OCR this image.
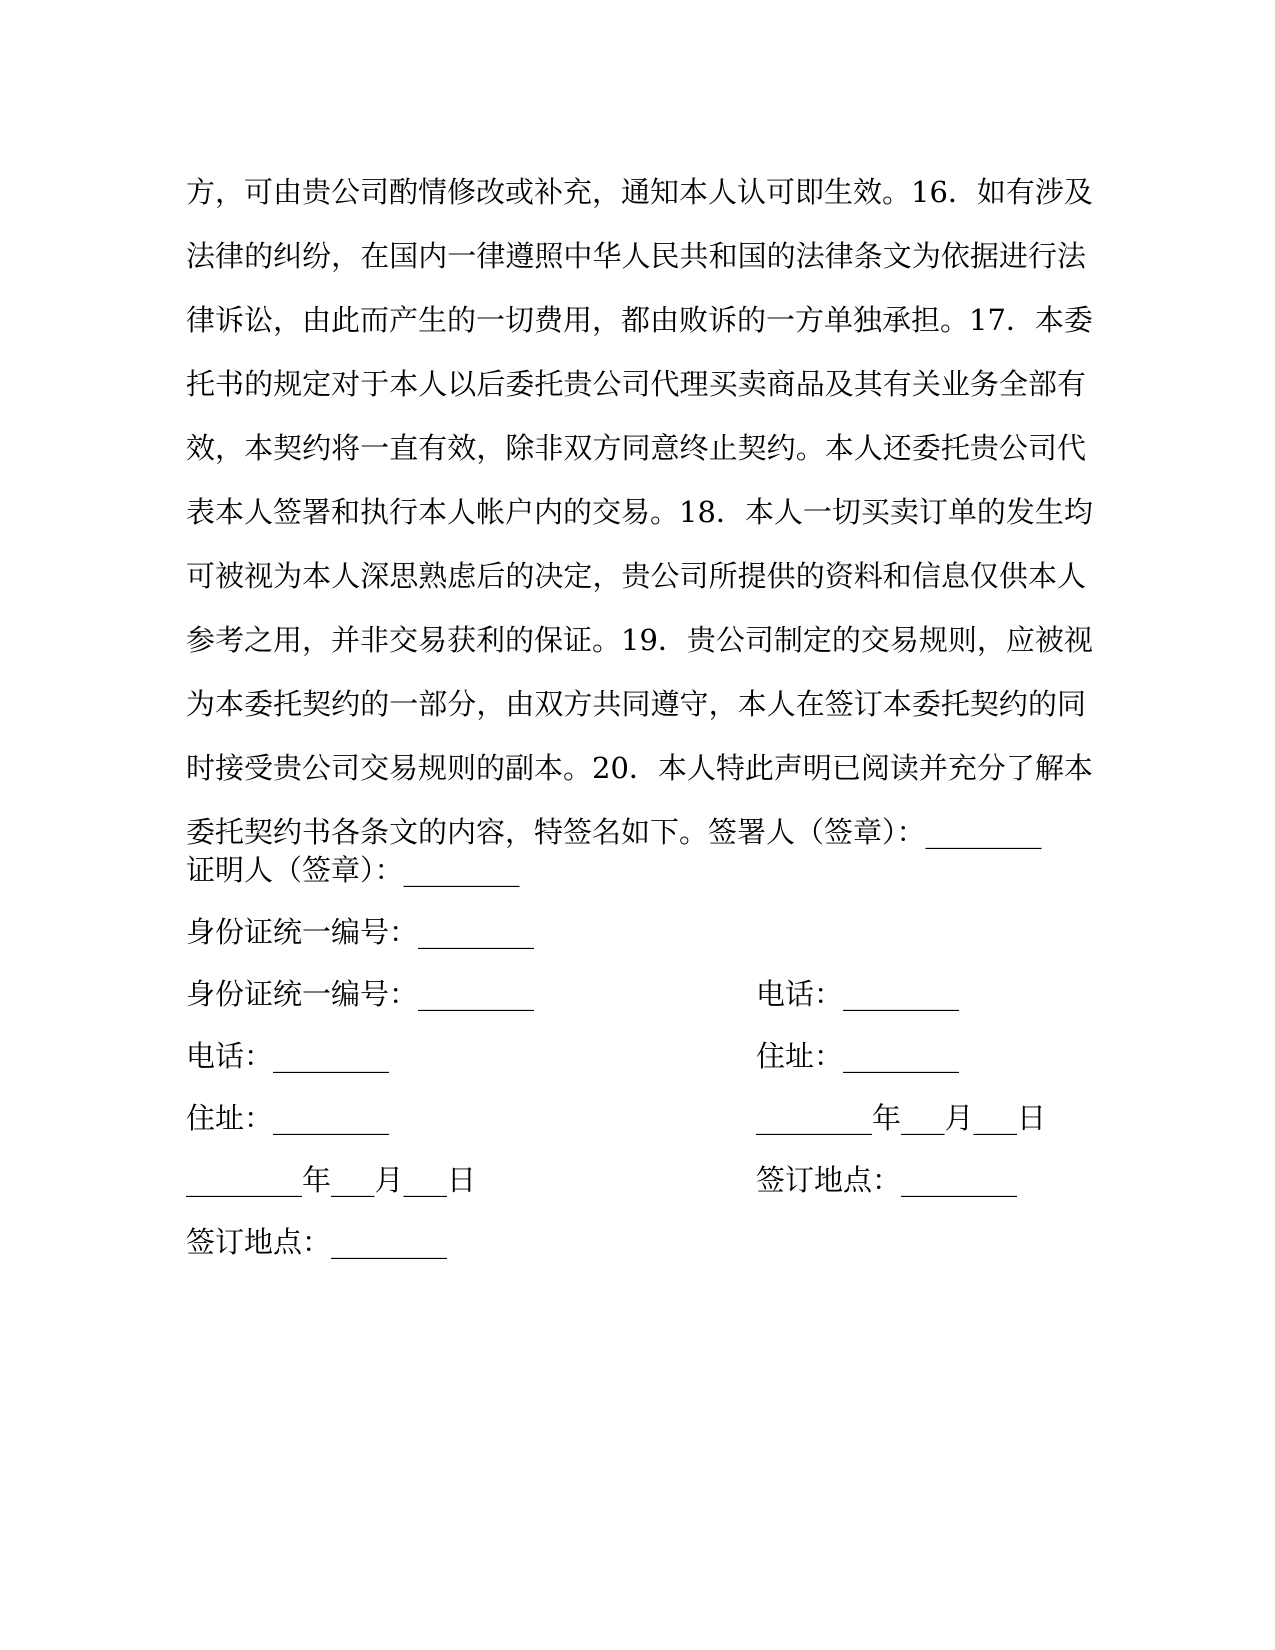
方，可由贵公司酌情修改或补充，通知本人认可即生效。16．如有涉及
法律的纠纷，在国内一律遵照中华人民共和国的法律条文为依据进行法
律诉讼，由此而产生的一切费用，都由败诉的一方单独承担。17．本委
托书的规定对于本人以后委托贵公司代理买卖商品及其有关业务全部有
效，本契约将一直有效，除非双方同意终止契约。本人还委托贵公司代
表本人签署和执行本人帐户内的交易。18．本人一切买卖订单的发生均
可被视为本人深思熟虑后的决定，贵公司所提供的资料和信息仅供本人
参考之用，并非交易获利的保证。19．贵公司制定的交易规则，应被视
为本委托契约的一部分，由双方共同遵守，本人在签订本委托契约的同
时接受贵公司交易规则的副本。20．本人特此声明已阅读并充分了解本
委托契约书各条文的内容，特签名如下。签署人（签章）：________
证明人（签章）：________
身份证统一编号：________
身份证统一编号：________	电话：________
电话：________	住址：________
住址：________	________年___月___日
________年___月___日	签订地点：________
签订地点：________
